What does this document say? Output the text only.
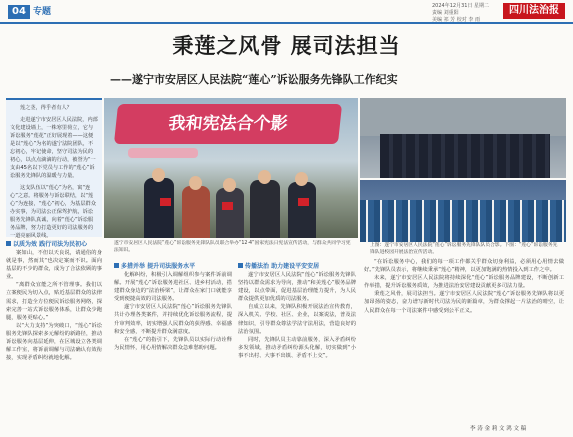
04 专题
2024年12月31日 星期二
责编 刘重阳
美编 祁 芳 校对 李 雨
四川法治报
秉莲之风骨 展司法担当
——遂宁市安居区人民法院“莲心”诉讼服务先锋队工作纪实

莲之茎，得乎者有人？

走进遂宁市安居区人民法院，内部文化建设墙上，一株寒里荷立，它与诉讼服务“莲花”正好展现着——这便是以“莲心”为名的遂宁法院团队，不忘初心，牢记使命，坚守司法为民的初心，以点点滴滴的行动，被誉为“一支由45名以下党员与工作的“莲心”诉讼服务先锋队的温暖与力量。

这支队伍以“莲心”为名，寓“连心”之意。将服务与诉讼联结，以“莲心”为连接，“莲心”初心，为基层群众办实事，为司法公正保驾护航，诉讼服务先锋队真诚，向着“莲心”诉讼服务品牌，努力打造更好的司法服务的一道亮丽风景线。

我和宪法合个影
遂宁市安居区人民法院“莲心”诉讼服务先锋队队员联合举办“12·4”国家宪法日宪法宣传活动，与群众共同学习宪法知识。
上图：遂宁市安居区人民法院“莲心”诉讼服务先锋队队员合影。下图：“莲心”诉讼服务先锋队进校园开展法治宣传活动。
以质为效 践行司法为民初心

案如山，不但以天良说，请通俗的身就是事，然而其“也决定案而不识。面向基层的不少的群众，成为了合法依顾的事业。

“离群众宜能之所不管理事。我们以立案便民为切入点，贴近基层群众的法律需求，打造全方位便民诉讼服务网络，探索完善一站式诉讼服务体系，让群众少跑腿，服务更贴心。”

以“大力支持”为突破口，“莲心”诉讼服务先锋队探索多元解纷的新路径，推动诉讼服务向基层延伸，在区城设立各类调解工作室，将诉前调解与司法确认有效衔接，实现矛盾纠纷就地化解。

多措并举 提升司法服务水平

化解纠纷，积极引入调解组织参与案件诉前调解。开展“莲心”诉讼服务进社区、进乡村活动，搭建群众身边的“法治桥梁”，让群众在家门口就能享受到便捷高效的司法服务。

遂宁市安居区人民法院“莲心”诉讼服务先锋队共计办理各类案件，并持续优化诉讼服务流程，提升审判效率，切实增强人民群众的获得感、幸福感和安全感，不断提升群众满意度。

在“莲心”的指引下，先锋队员以实际行动诠释为民情怀，用心用情解决群众急难愁盼问题。

传播法治 助力建设平安安居

遂宁市安居区人民法院“莲心”诉讼服务先锋队坚持以群众需求为导向，推动“和美莲心”服务品牌建设，以点带面，促进基层治理能力提升，为人民群众提供更加优质的司法服务。

自成立以来，先锋队积极开展法治宣传教育，深入机关、学校、社区、企业，以案说法，普及法律知识，引导群众尊法学法守法用法，营造良好的法治氛围。

同时，先锋队员主动靠前服务，深入矛盾纠纷多发领域，推动矛盾纠纷源头化解，切实做到“小事不出村、大事不出镇、矛盾不上交”。

“在诉讼服务中心，我们的每一项工作都关乎群众切身利益，必须用心用情去做好。”先锋队员表示，将继续秉承“莲心”精神，以更加饱满的热情投入到工作之中。

未来，遂宁市安居区人民法院将持续深化“莲心”诉讼服务品牌建设，不断创新工作举措，提升诉讼服务质效，为推进法治安居建设贡献更多司法力量。

秉莲之风骨，展司法担当。遂宁市安居区人民法院“莲心”诉讼服务先锋队将以更加昂扬的姿态，奋力谱写新时代司法为民的新篇章，为群众撑起一片法治的晴空，让人民群众在每一个司法案件中感受到公平正义。

李 涛 金 莉 文 鸿 文 稿
